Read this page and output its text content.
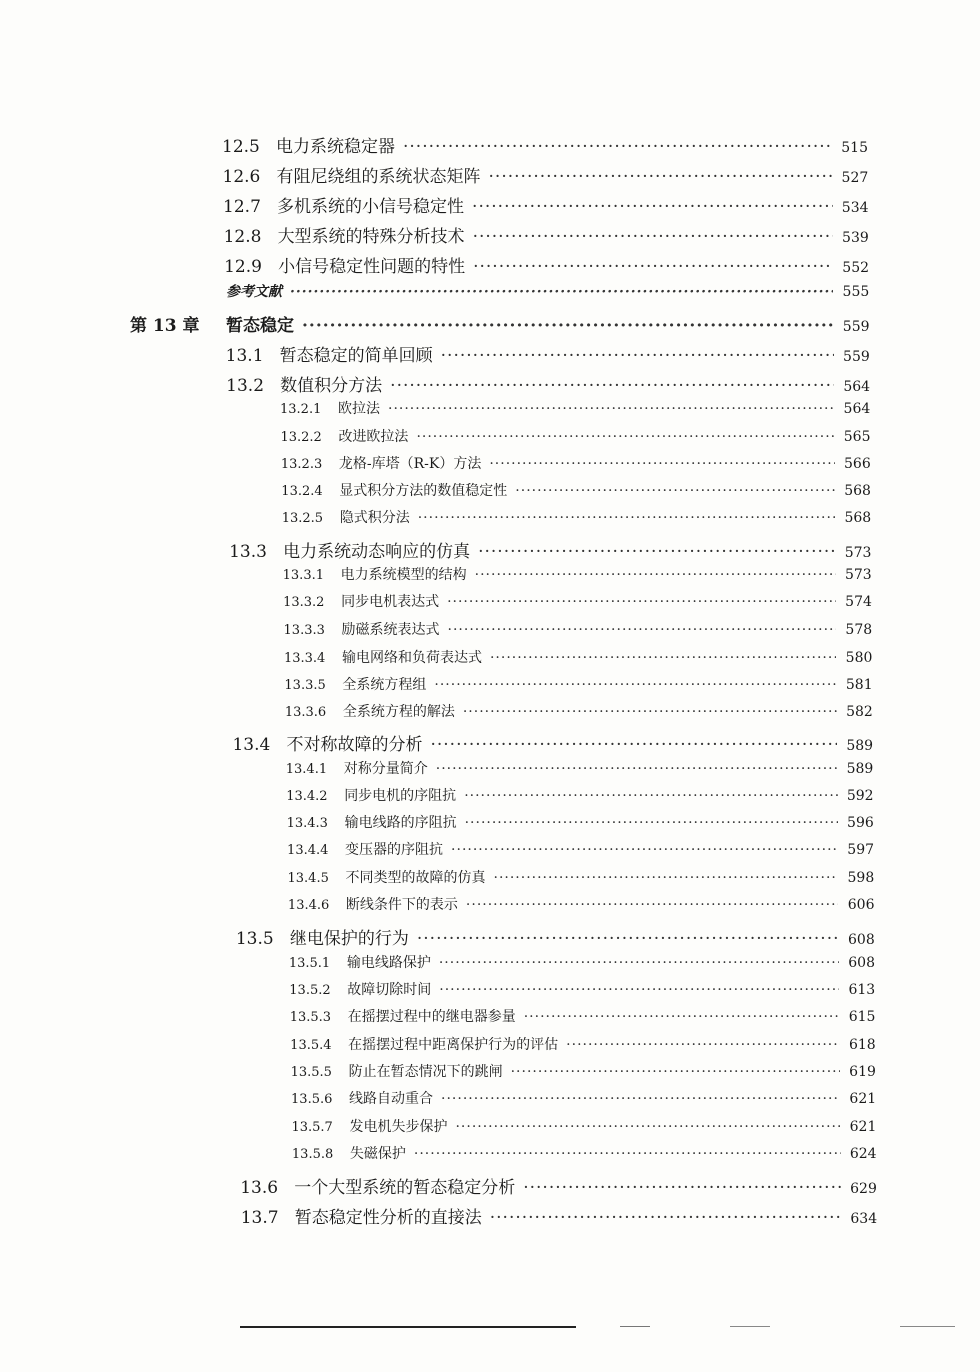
12.5 电力系统稳定器 ·····	515
12.6 有阻尼绕组的系统状态矩阵 ·····	527
12.7 多机系统的小信号稳定性 ·····	534
12.8 大型系统的特殊分析技术 ·····	539
12.9 小信号稳定性问题的特性 ·····	552
参考文献 ·····	555
第 13 章	暂态稳定 ·····	559
13.1 暂态稳定的简单回顾 ·····	559
13.2 数值积分方法 ·····	564
13.2.1	欧拉法 ·····	564
13.2.2	改进欧拉法 ·····	565
13.2.3	龙格-库塔（R-K）方法 ·····	566
13.2.4	显式积分方法的数值稳定性 ·····	568
13.2.5	隐式积分法 ·····	568
13.3 电力系统动态响应的仿真 ·····	573
13.3.1	电力系统模型的结构 ·····	573
13.3.2	同步电机表达式 ·····	574
13.3.3	励磁系统表达式 ·····	578
13.3.4	输电网络和负荷表达式 ·····	580
13.3.5	全系统方程组 ·····	581
13.3.6	全系统方程的解法 ·····	582
13.4 不对称故障的分析 ·····	589
13.4.1	对称分量简介 ·····	589
13.4.2	同步电机的序阻抗 ·····	592
13.4.3	输电线路的序阻抗 ·····	596
13.4.4	变压器的序阻抗 ·····	597
13.4.5	不同类型的故障的仿真 ·····	598
13.4.6	断线条件下的表示 ·····	606
13.5 继电保护的行为 ·····	608
13.5.1	输电线路保护 ·····	608
13.5.2	故障切除时间 ·····	613
13.5.3	在摇摆过程中的继电器参量 ·····	615
13.5.4	在摇摆过程中距离保护行为的评估 ·····	618
13.5.5	防止在暂态情况下的跳闸 ·····	619
13.5.6	线路自动重合 ·····	621
13.5.7	发电机失步保护 ·····	621
13.5.8	失磁保护 ·····	624
13.6 一个大型系统的暂态稳定分析 ·····	629
13.7 暂态稳定性分析的直接法 ·····	634
